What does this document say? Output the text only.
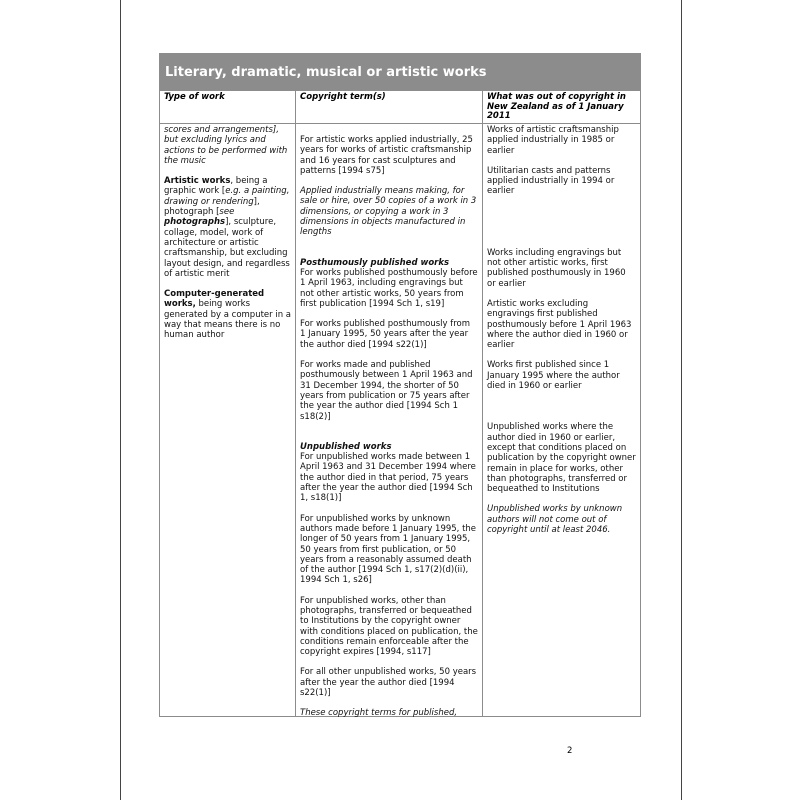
Literary, dramatic, musical or artistic works
Type of work	Copyright term(s)	What was out of copyright in New Zealand as of 1 January 2011

scores and arrangements], but excluding lyrics and actions to be performed with the music

Artistic works, being a graphic work [e.g. a painting, drawing or rendering], photograph [see photographs], sculpture, collage, model, work of architecture or artistic craftsmanship, but excluding layout design, and regardless of artistic merit

Computer-generated works, being works generated by a computer in a way that means there is no human author

For artistic works applied industrially, 25 years for works of artistic craftsmanship and 16 years for cast sculptures and patterns [1994 s75]

Applied industrially means making, for sale or hire, over 50 copies of a work in 3 dimensions, or copying a work in 3 dimensions in objects manufactured in lengths

Posthumously published works
For works published posthumously before 1 April 1963, including engravings but not other artistic works, 50 years from first publication [1994 Sch 1, s19]

For works published posthumously from 1 January 1995, 50 years after the year the author died [1994 s22(1)]

For works made and published posthumously between 1 April 1963 and 31 December 1994, the shorter of 50 years from publication or 75 years after the year the author died [1994 Sch 1 s18(2)]

Unpublished works
For unpublished works made between 1 April 1963 and 31 December 1994 where the author died in that period, 75 years after the year the author died [1994 Sch 1, s18(1)]

For unpublished works by unknown authors made before 1 January 1995, the longer of 50 years from 1 January 1995, 50 years from first publication, or 50 years from a reasonably assumed death of the author [1994 Sch 1, s17(2)(d)(ii), 1994 Sch 1, s26]

For unpublished works, other than photographs, transferred or bequeathed to Institutions by the copyright owner with conditions placed on publication, the conditions remain enforceable after the copyright expires [1994, s117]

For all other unpublished works, 50 years after the year the author died [1994 s22(1)]

These copyright terms for published,

Works of artistic craftsmanship applied industrially in 1985 or earlier

Utilitarian casts and patterns applied industrially in 1994 or earlier

Works including engravings but not other artistic works, first published posthumously in 1960 or earlier

Artistic works excluding engravings first published posthumously before 1 April 1963 where the author died in 1960 or earlier

Works first published since 1 January 1995 where the author died in 1960 or earlier

Unpublished works where the author died in 1960 or earlier, except that conditions placed on publication by the copyright owner remain in place for works, other than photographs, transferred or bequeathed to Institutions

Unpublished works by unknown authors will not come out of copyright until at least 2046.

2
